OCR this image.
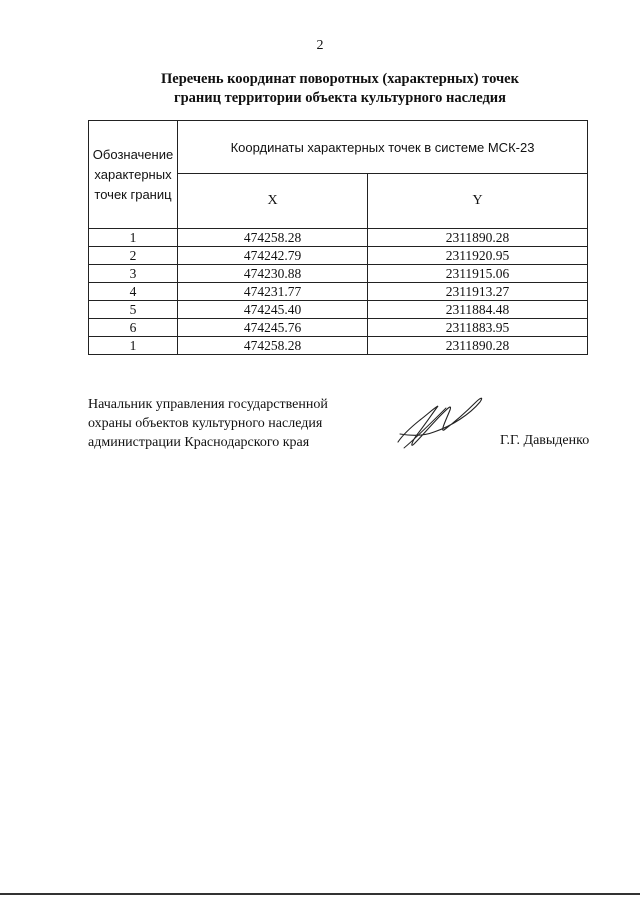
2
Перечень координат поворотных (характерных) точек
границ территории объекта культурного наследия
Обозначение
характерных
точек границ	Координаты характерных точек в системе МСК-23	
	X	Y
1	474258.28	2311890.28
2	474242.79	2311920.95
3	474230.88	2311915.06
4	474231.77	2311913.27
5	474245.40	2311884.48
6	474245.76	2311883.95
1	474258.28	2311890.28
Начальник управления государственной
охраны объектов культурного наследия
администрации Краснодарского края	Г.Г. Давыденко
